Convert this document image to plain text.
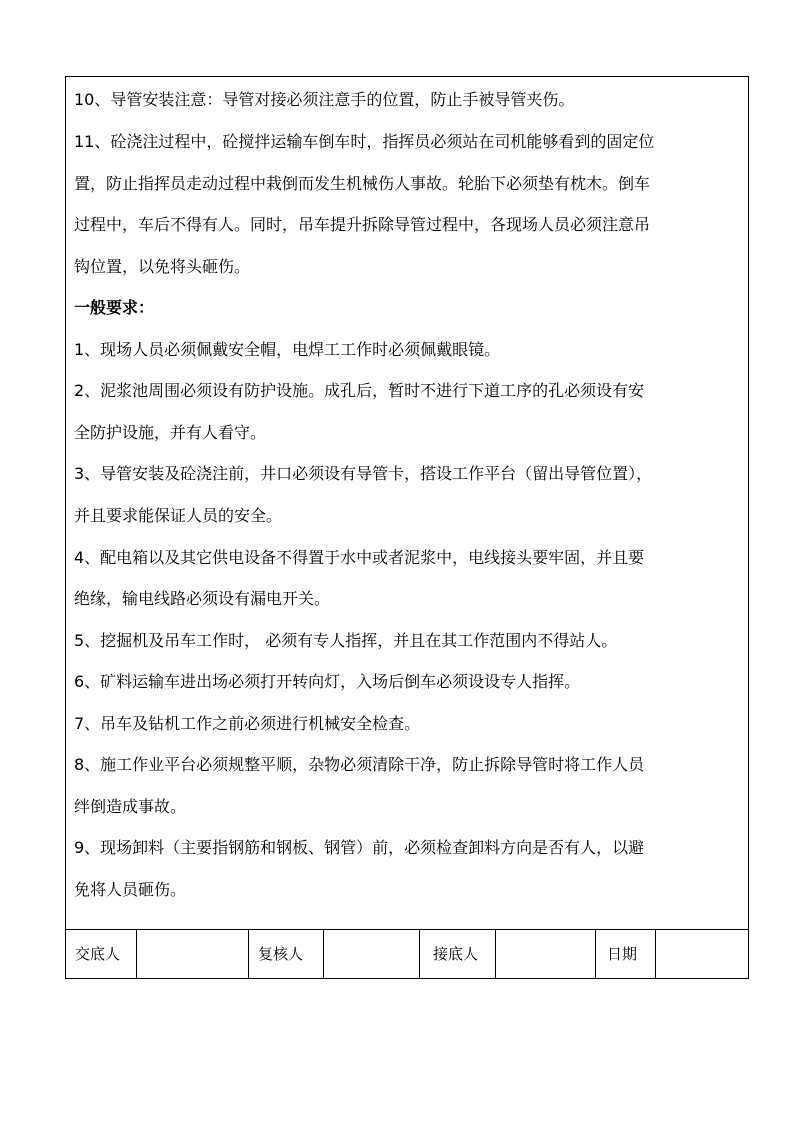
10、导管安装注意：导管对接必须注意手的位置，防止手被导管夹伤。
11、砼浇注过程中，砼搅拌运输车倒车时，指挥员必须站在司机能够看到的固定位
置，防止指挥员走动过程中栽倒而发生机械伤人事故。轮胎下必须垫有枕木。倒车
过程中，车后不得有人。同时，吊车提升拆除导管过程中，各现场人员必须注意吊
钩位置，以免将头砸伤。
一般要求：
1、现场人员必须佩戴安全帽，电焊工工作时必须佩戴眼镜。
2、泥浆池周围必须设有防护设施。成孔后，暂时不进行下道工序的孔必须设有安
全防护设施，并有人看守。
3、导管安装及砼浇注前，井口必须设有导管卡，搭设工作平台（留出导管位置），
并且要求能保证人员的安全。
4、配电箱以及其它供电设备不得置于水中或者泥浆中，电线接头要牢固，并且要
绝缘，输电线路必须设有漏电开关。
5、挖掘机及吊车工作时， 必须有专人指挥，并且在其工作范围内不得站人。
6、矿料运输车进出场必须打开转向灯，入场后倒车必须设设专人指挥。
7、吊车及钻机工作之前必须进行机械安全检查。
8、施工作业平台必须规整平顺，杂物必须清除干净，防止拆除导管时将工作人员
绊倒造成事故。
9、现场卸料（主要指钢筋和钢板、钢管）前，必须检查卸料方向是否有人，以避
免将人员砸伤。
交底人	复核人	接底人	日期
